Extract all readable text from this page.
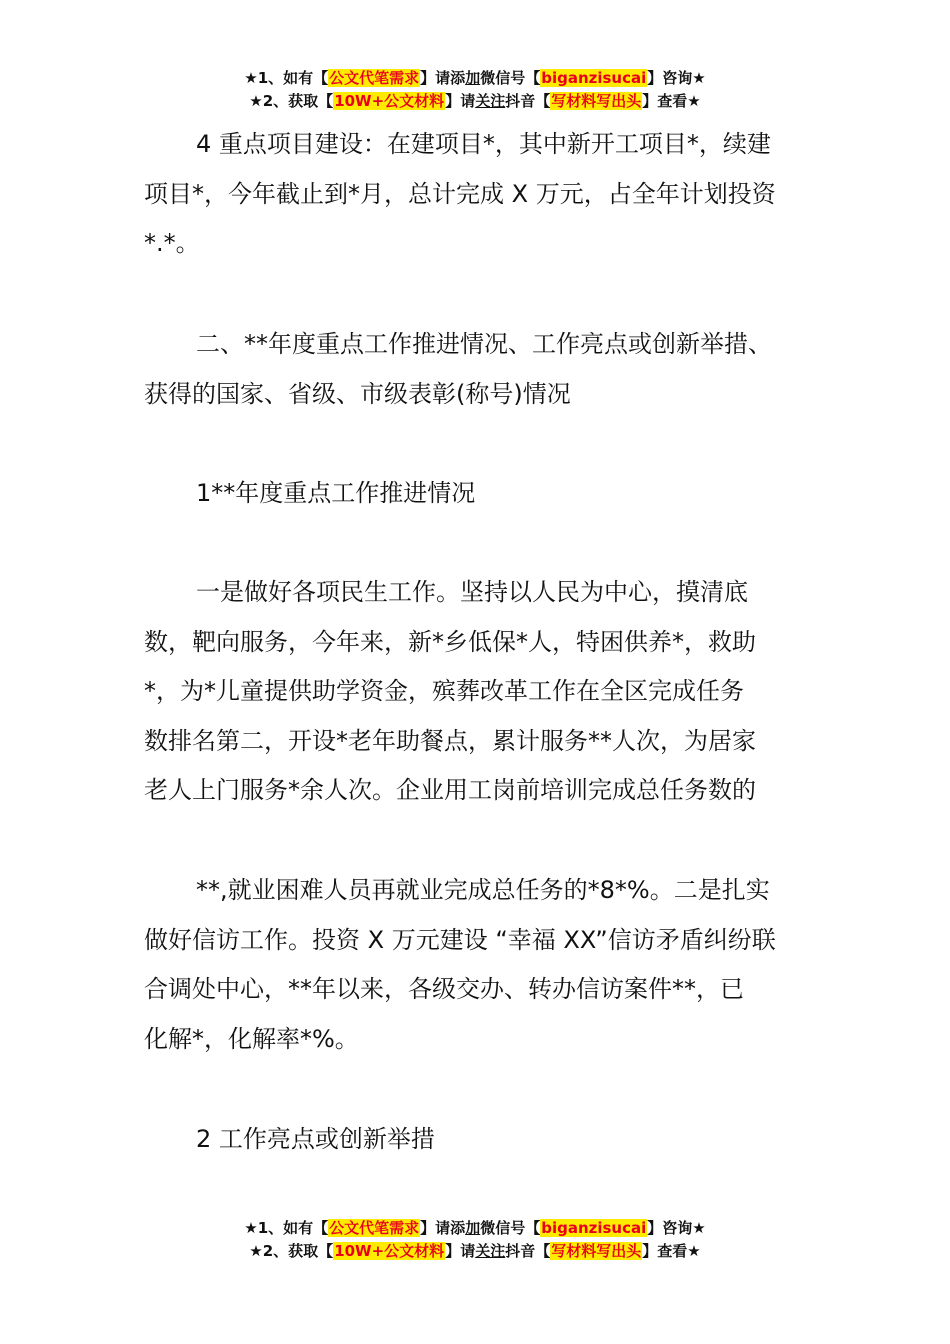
★1、如有【公文代笔需求】请添加微信号【biganzisucai】咨询★
★2、获取【10W+公文材料】请关注抖音【写材料写出头】查看★
4 重点项目建设：在建项目*，其中新开工项目*，续建
项目*，今年截止到*月，总计完成 X 万元，占全年计划投资
*.*。
二、**年度重点工作推进情况、工作亮点或创新举措、
获得的国家、省级、市级表彰(称号)情况
1**年度重点工作推进情况
一是做好各项民生工作。坚持以人民为中心，摸清底
数，靶向服务，今年来，新*乡低保*人，特困供养*，救助
*，为*儿童提供助学资金，殡葬改革工作在全区完成任务
数排名第二，开设*老年助餐点，累计服务**人次，为居家
老人上门服务*余人次。企业用工岗前培训完成总任务数的
**,就业困难人员再就业完成总任务的*8*%。二是扎实
做好信访工作。投资 X 万元建设 “幸福 XX”信访矛盾纠纷联
合调处中心，**年以来，各级交办、转办信访案件**，已
化解*，化解率*%。
2 工作亮点或创新举措
★1、如有【公文代笔需求】请添加微信号【biganzisucai】咨询★
★2、获取【10W+公文材料】请关注抖音【写材料写出头】查看★
